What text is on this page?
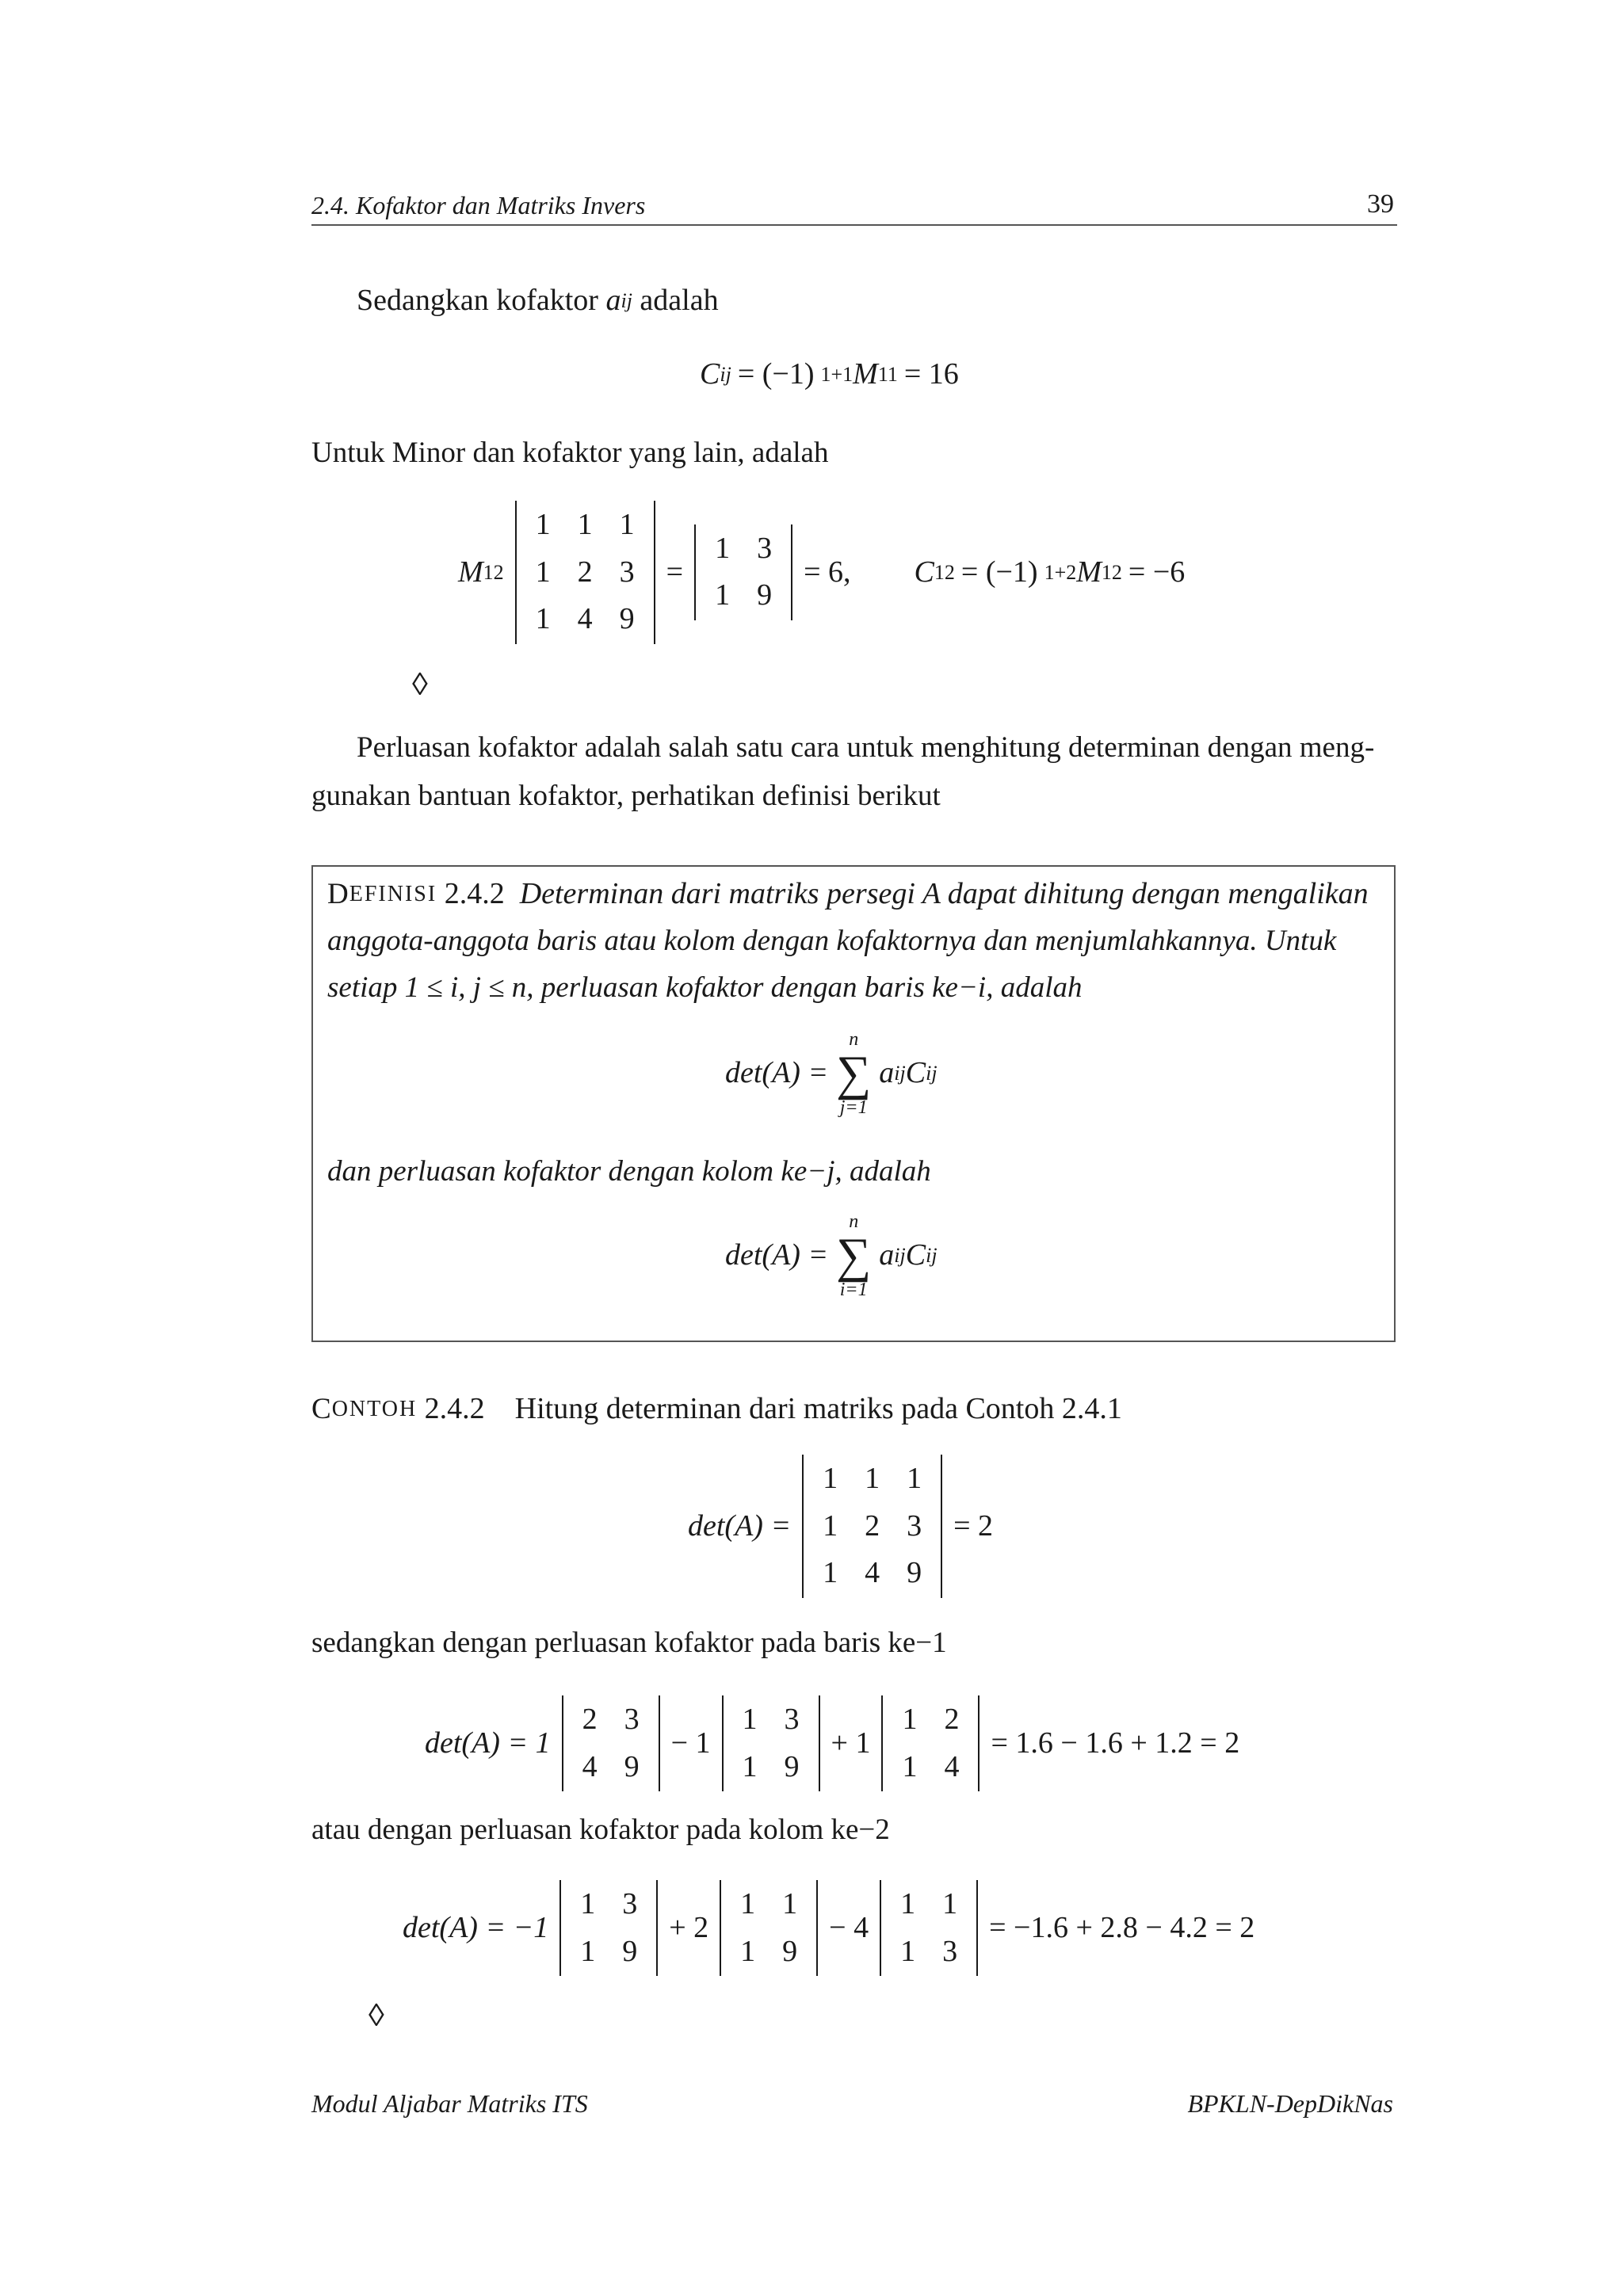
2.4. Kofaktor dan Matriks Invers	39
Sedangkan kofaktor
a ij
adalah
C ij = (−1) 1+1 M 11 = 16
Untuk Minor dan kofaktor yang lain, adalah
M 12
1 1 1
1 2 3
1 4 9
=
1 3
1 9
= 6, C 12 = (−1) 1+2 M 12 = −6
◊
Perluasan kofaktor adalah salah satu cara untuk menghitung determinan dengan meng-
gunakan bantuan kofaktor, perhatikan definisi berikut
D EFINISI
2.4.2
Determinan dari matriks persegi A dapat dihitung dengan mengalikan
anggota-anggota baris atau kolom dengan kofaktornya dan menjumlahkannya. Untuk
setiap 1 ≤ i, j ≤ n, perluasan kofaktor dengan baris ke−i, adalah
det(A) =
n
∑
j=1
a ij C ij
dan perluasan kofaktor dengan kolom ke−j, adalah
det(A) =
n
∑
i=1
a ij C ij
C ONTOH
2.4.2
Hitung determinan dari matriks pada Contoh 2.4.1
det(A) =
1 1 1
1 2 3
1 4 9
= 2
sedangkan dengan perluasan kofaktor pada baris ke−1
det(A) = 1
2 3
4 9
− 1
1 3
1 9
+ 1
1 2
1 4
= 1.6 − 1.6 + 1.2 = 2
atau dengan perluasan kofaktor pada kolom ke−2
det(A) = −1
1 3
1 9
+ 2
1 1
1 9
− 4
1 1
1 3
= −1.6 + 2.8 − 4.2 = 2
◊
Modul Aljabar Matriks ITS	BPKLN-DepDikNas
